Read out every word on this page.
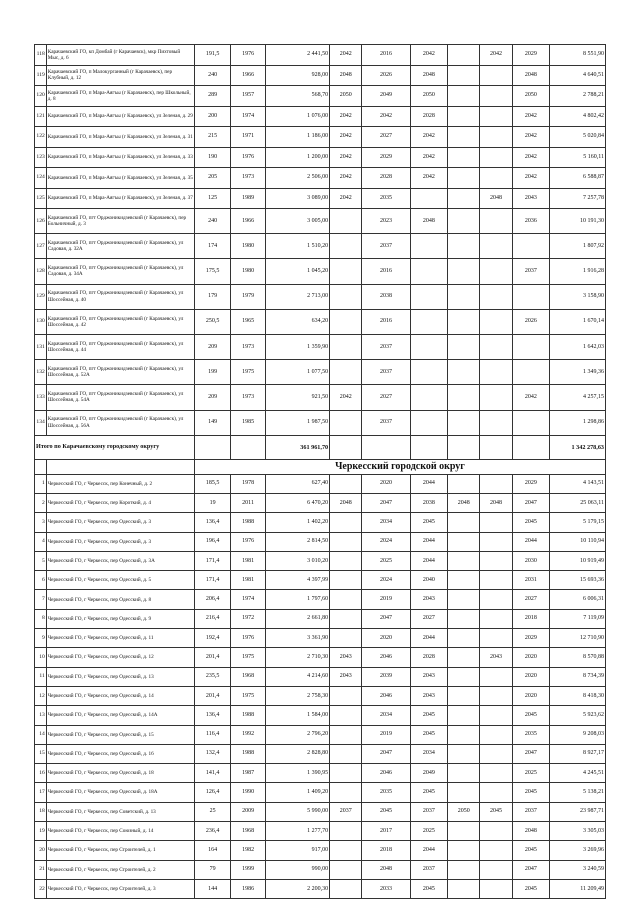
118	Карачаевский ГО, кп Домбай (г Карачаевск), мкр Пихтовый Мыс, д. 6	191,5	1976	2 441,50	2042	2016	2042		2042	2029	8 551,90
119	Карачаевский ГО, п Малокурганный (г Карачаевск), пер Клубный, д. 12	240	1966	928,00	2048	2026	2048			2048	4 640,51
120	Карачаевский ГО, п Мара-Аягъы (г Карачаевск), пер Школьный, д. 8	289	1957	568,70	2050	2049	2050			2050	2 788,21
121	Карачаевский ГО, п Мара-Аягъы (г Карачаевск), ул Зеленая, д. 29	200	1974	1 076,00	2042	2042	2028			2042	4 802,42
122	Карачаевский ГО, п Мара-Аягъы (г Карачаевск), ул Зеленая, д. 31	215	1971	1 186,00	2042	2027	2042			2042	5 020,84
123	Карачаевский ГО, п Мара-Аягъы (г Карачаевск), ул Зеленая, д. 33	190	1976	1 200,00	2042	2029	2042			2042	5 160,11
124	Карачаевский ГО, п Мара-Аягъы (г Карачаевск), ул Зеленая, д. 35	205	1973	2 506,00	2042	2028	2042			2042	6 588,87
125	Карачаевский ГО, п Мара-Аягъы (г Карачаевск), ул Зеленая, д. 37	125	1989	3 089,00	2042	2035			2048	2043	7 257,78
126	Карачаевский ГО, пгт Орджоникидзевский (г Карачаевск), пер Больничный, д. 3	240	1966	3 005,00		2023	2048			2036	10 191,30
127	Карачаевский ГО, пгт Орджоникидзевский (г Карачаевск), ул Садовая, д. 32А	174	1980	1 510,20		2037					1 807,92
128	Карачаевский ГО, пгт Орджоникидзевский (г Карачаевск), ул Садовая, д. 34А	175,5	1980	1 045,20		2016				2037	1 916,28
129	Карачаевский ГО, пгт Орджоникидзевский (г Карачаевск), ул Шоссейная, д. 40	179	1979	2 713,00		2038					3 158,90
130	Карачаевский ГО, пгт Орджоникидзевский (г Карачаевск), ул Шоссейная, д. 42	250,5	1965	634,20		2016				2026	1 670,14
131	Карачаевский ГО, пгт Орджоникидзевский (г Карачаевск), ул Шоссейная, д. 44	209	1973	1 359,90		2037					1 642,03
132	Карачаевский ГО, пгт Орджоникидзевский (г Карачаевск), ул Шоссейная, д. 52А	199	1975	1 077,50		2037					1 349,36
133	Карачаевский ГО, пгт Орджоникидзевский (г Карачаевск), ул Шоссейная, д. 54А	209	1973	921,50	2042	2027				2042	4 257,15
134	Карачаевский ГО, пгт Орджоникидзевский (г Карачаевск), ул Шоссейная, д. 56А	149	1985	1 987,50		2037					1 298,86
Итого по Карачаевскому городскому округу				361 961,70							1 342 278,63
		Черкесский городской округ									
1	Черкесский ГО, г Черкесск, пер Конечный, д. 2	185,5	1978	627,40		2020	2044			2029	4 143,51
2	Черкесский ГО, г Черкесск, пер Короткий, д. 4	19	2011	6 470,20	2048	2047	2038	2048	2048	2047	25 063,11
3	Черкесский ГО, г Черкесск, пер Одесский, д. 3	136,4	1988	1 402,20		2034	2045			2045	5 179,15
4	Черкесский ГО, г Черкесск, пер Одесский, д. 3	196,4	1976	2 814,50		2024	2044			2044	10 110,94
5	Черкесский ГО, г Черкесск, пер Одесский, д. 3А	171,4	1981	3 010,20		2025	2044			2030	10 919,49
6	Черкесский ГО, г Черкесск, пер Одесский, д. 5	171,4	1981	4 397,99		2024	2040			2031	15 693,36
7	Черкесский ГО, г Черкесск, пер Одесский, д. 8	206,4	1974	1 797,60		2019	2043			2027	6 006,31
8	Черкесский ГО, г Черкесск, пер Одесский, д. 9	216,4	1972	2 661,80		2047	2027			2018	7 119,09
9	Черкесский ГО, г Черкесск, пер Одесский, д. 11	192,4	1976	3 361,90		2020	2044			2029	12 710,90
10	Черкесский ГО, г Черкесск, пер Одесский, д. 12	201,4	1975	2 710,30	2043	2046	2028		2043	2020	8 570,88
11	Черкесский ГО, г Черкесск, пер Одесский, д. 13	235,5	1968	4 214,60	2043	2039	2043			2020	8 734,39
12	Черкесский ГО, г Черкесск, пер Одесский, д. 14	201,4	1975	2 758,30		2046	2043			2020	8 418,30
13	Черкесский ГО, г Черкесск, пер Одесский, д. 14А	136,4	1988	1 584,00		2034	2045			2045	5 923,62
14	Черкесский ГО, г Черкесск, пер Одесский, д. 15	116,4	1992	2 796,20		2019	2045			2035	9 208,03
15	Черкесский ГО, г Черкесск, пер Одесский, д. 16	132,4	1988	2 828,80		2047	2034			2047	8 927,17
16	Черкесский ГО, г Черкесск, пер Одесский, д. 18	141,4	1987	1 390,95		2046	2049			2025	4 245,51
17	Черкесский ГО, г Черкесск, пер Одесский, д. 18А	126,4	1990	1 409,20		2035	2045			2045	5 138,21
18	Черкесский ГО, г Черкесск, пер Советский, д. 13	25	2009	5 990,00	2037	2045	2037	2050	2045	2037	23 987,71
19	Черкесский ГО, г Черкесск, пер Союзный, д. 14	236,4	1968	1 277,70		2017	2025			2048	3 305,03
20	Черкесский ГО, г Черкесск, пер Строителей, д. 1	164	1982	917,00		2018	2044			2045	3 269,96
21	Черкесский ГО, г Черкесск, пер Строителей, д. 2	79	1999	990,00		2048	2037			2047	3 240,59
22	Черкесский ГО, г Черкесск, пер Строителей, д. 3	144	1986	2 200,30		2033	2045			2045	11 209,49
